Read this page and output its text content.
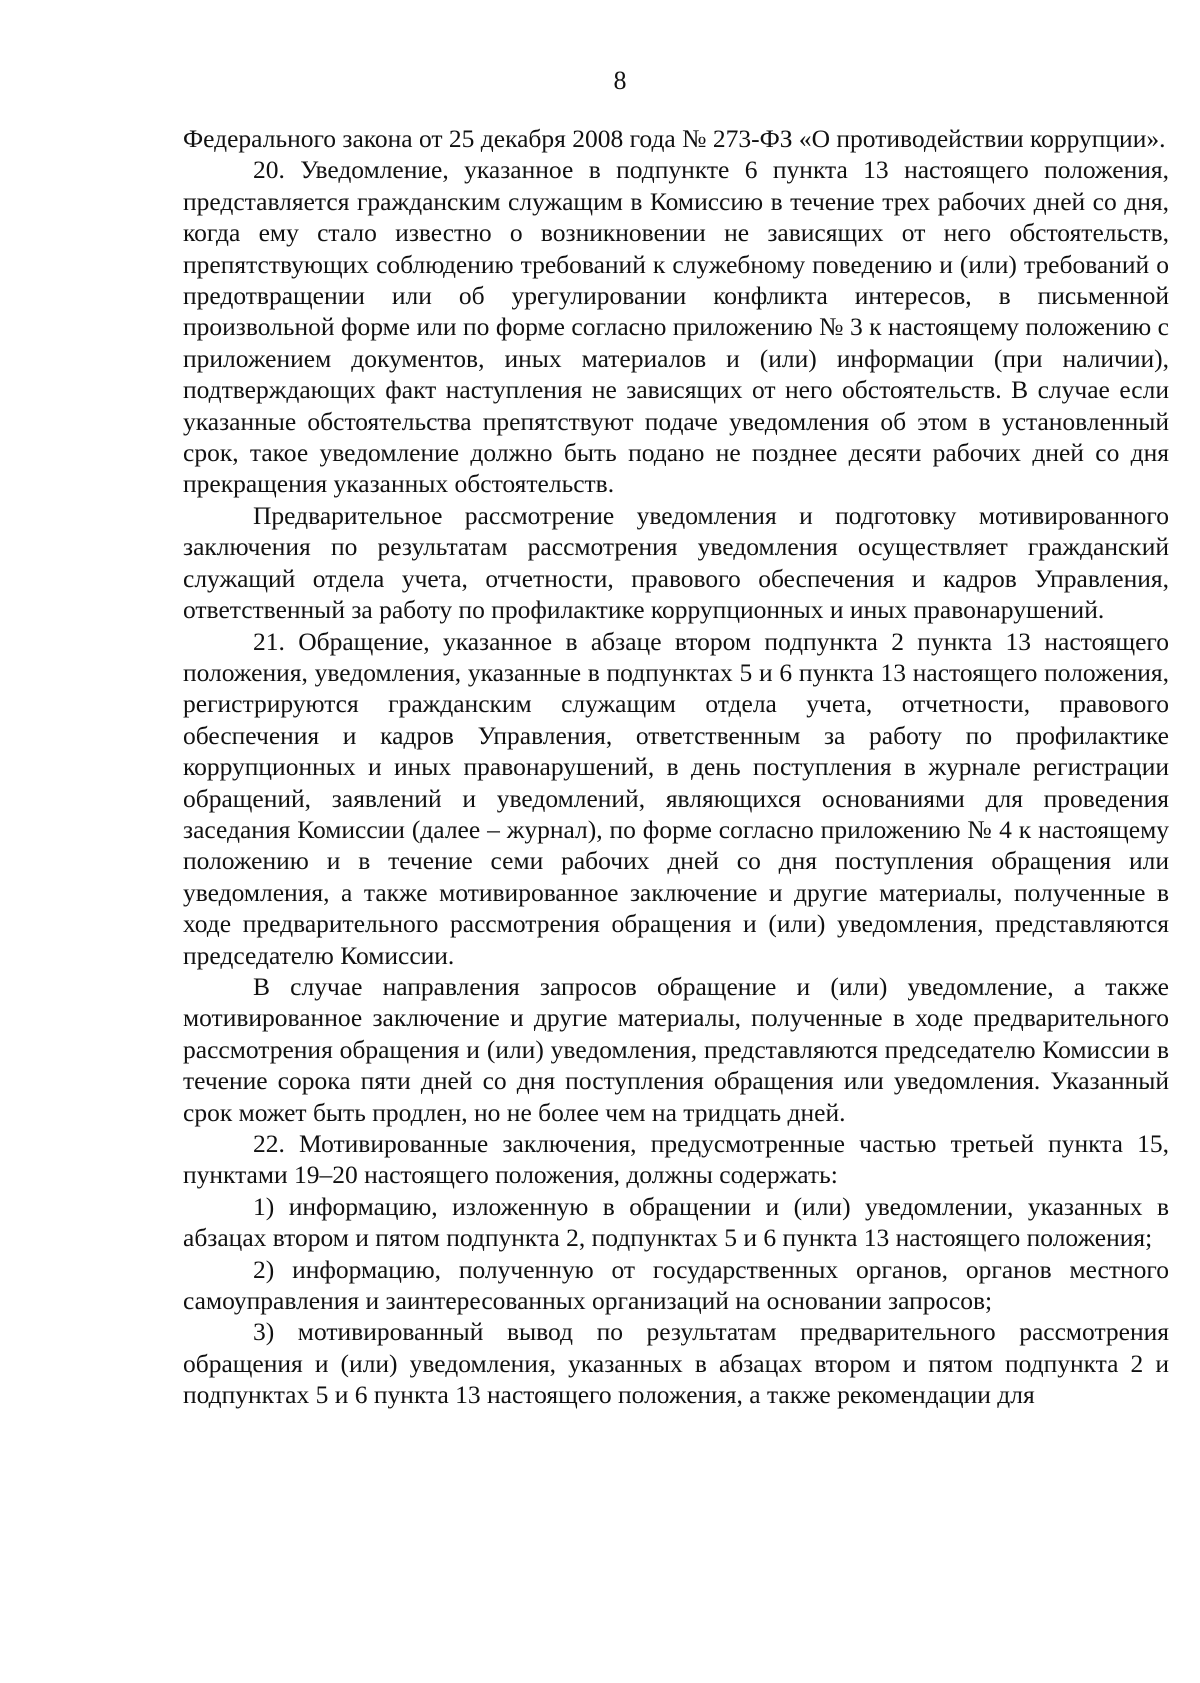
8

Федерального закона от 25 декабря 2008 года № 273-ФЗ «О противодействии коррупции».

20. Уведомление, указанное в подпункте 6 пункта 13 настоящего положения, представляется гражданским служащим в Комиссию в течение трех рабочих дней со дня, когда ему стало известно о возникновении не зависящих от него обстоятельств, препятствующих соблюдению требований к служебному поведению и (или) требований о предотвращении или об урегулировании конфликта интересов, в письменной произвольной форме или по форме согласно приложению № 3 к настоящему положению с приложением документов, иных материалов и (или) информации (при наличии), подтверждающих факт наступления не зависящих от него обстоятельств. В случае если указанные обстоятельства препятствуют подаче уведомления об этом в установленный срок, такое уведомление должно быть подано не позднее десяти рабочих дней со дня прекращения указанных обстоятельств.

Предварительное рассмотрение уведомления и подготовку мотивированного заключения по результатам рассмотрения уведомления осуществляет гражданский служащий отдела учета, отчетности, правового обеспечения и кадров Управления, ответственный за работу по профилактике коррупционных и иных правонарушений.

21. Обращение, указанное в абзаце втором подпункта 2 пункта 13 настоящего положения, уведомления, указанные в подпунктах 5 и 6 пункта 13 настоящего положения, регистрируются гражданским служащим отдела учета, отчетности, правового обеспечения и кадров Управления, ответственным за работу по профилактике коррупционных и иных правонарушений, в день поступления в журнале регистрации обращений, заявлений и уведомлений, являющихся основаниями для проведения заседания Комиссии (далее – журнал), по форме согласно приложению № 4 к настоящему положению и в течение семи рабочих дней со дня поступления обращения или уведомления, а также мотивированное заключение и другие материалы, полученные в ходе предварительного рассмотрения обращения и (или) уведомления, представляются председателю Комиссии.

В случае направления запросов обращение и (или) уведомление, а также мотивированное заключение и другие материалы, полученные в ходе предварительного рассмотрения обращения и (или) уведомления, представляются председателю Комиссии в течение сорока пяти дней со дня поступления обращения или уведомления. Указанный срок может быть продлен, но не более чем на тридцать дней.

22. Мотивированные заключения, предусмотренные частью третьей пункта 15, пунктами 19–20 настоящего положения, должны содержать:

1) информацию, изложенную в обращении и (или) уведомлении, указанных в абзацах втором и пятом подпункта 2, подпунктах 5 и 6 пункта 13 настоящего положения;

2) информацию, полученную от государственных органов, органов местного самоуправления и заинтересованных организаций на основании запросов;

3) мотивированный вывод по результатам предварительного рассмотрения обращения и (или) уведомления, указанных в абзацах втором и пятом подпункта 2 и подпунктах 5 и 6 пункта 13 настоящего положения, а также рекомендации для
